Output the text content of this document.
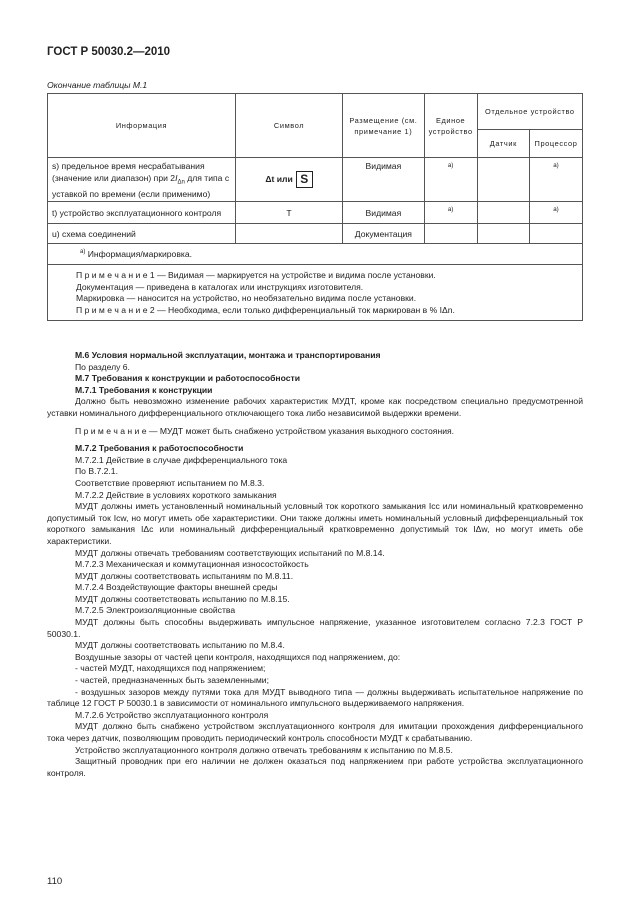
ГОСТ Р 50030.2—2010
Окончание таблицы М.1
Информация	Символ	Размещение (см. примечание 1)	Единое устройство	Отдельное устройство	
				Датчик	Процессор
s) предельное время несрабатывания (значение или диапазон) при $2I_{\Delta n}$ для типа с уставкой по времени (если применимо)	Δt или S	Видимая	a)		a)
t) устройство эксплуатационного контроля	T	Видимая	a)		a)
u) схема соединений		Документация			
$^{a)}$ Информация/маркировка.					

П р и м е ч а н и е 1 — Видимая — маркируется на устройстве и видима после установки.
Документация — приведена в каталогах или инструкциях изготовителя.
Маркировка — наносится на устройство, но необязательно видима после установки.
П р и м е ч а н и е 2 — Необходима, если только дифференциальный ток маркирован в % IΔn.					
М.6 Условия нормальной эксплуатации, монтажа и транспортирования
По разделу 6.
М.7 Требования к конструкции и работоспособности
М.7.1 Требования к конструкции
Должно быть невозможно изменение рабочих характеристик МУДТ, кроме как посредством специально предусмотренной уставки номинального дифференциального отключающего тока либо независимой выдержки времени.
П р и м е ч а н и е — МУДТ может быть снабжено устройством указания выходного состояния.
М.7.2 Требования к работоспособности
М.7.2.1 Действие в случае дифференциального тока
По В.7.2.1.
Соответствие проверяют испытанием по М.8.3.
М.7.2.2 Действие в условиях короткого замыкания
МУДТ должны иметь установленный номинальный условный ток короткого замыкания Icc или номинальный кратковременно допустимый ток Icw, но могут иметь обе характеристики. Они также должны иметь номинальный условный дифференциальный ток короткого замыкания IΔc или номинальный дифференциальный кратковременно допустимый ток IΔw, но могут иметь обе характеристики.
МУДТ должны отвечать требованиям соответствующих испытаний по М.8.14.
М.7.2.3 Механическая и коммутационная износостойкость
МУДТ должны соответствовать испытаниям по М.8.11.
М.7.2.4 Воздействующие факторы внешней среды
МУДТ должны соответствовать испытанию по М.8.15.
М.7.2.5 Электроизоляционные свойства
МУДТ должны быть способны выдерживать импульсное напряжение, указанное изготовителем согласно 7.2.3 ГОСТ Р 50030.1.
МУДТ должны соответствовать испытанию по М.8.4.
Воздушные зазоры от частей цепи контроля, находящихся под напряжением, до:
- частей МУДТ, находящихся под напряжением;
- частей, предназначенных быть заземленными;
- воздушных зазоров между путями тока для МУДТ выводного типа — должны выдерживать испытательное напряжение по таблице 12 ГОСТ Р 50030.1 в зависимости от номинального импульсного выдерживаемого напряжения.
М.7.2.6 Устройство эксплуатационного контроля
МУДТ должно быть снабжено устройством эксплуатационного контроля для имитации прохождения дифференциального тока через датчик, позволяющим проводить периодический контроль способности МУДТ к срабатыванию.
Устройство эксплуатационного контроля должно отвечать требованиям к испытанию по М.8.5.
Защитный проводник при его наличии не должен оказаться под напряжением при работе устройства эксплуатационного контроля.
110
